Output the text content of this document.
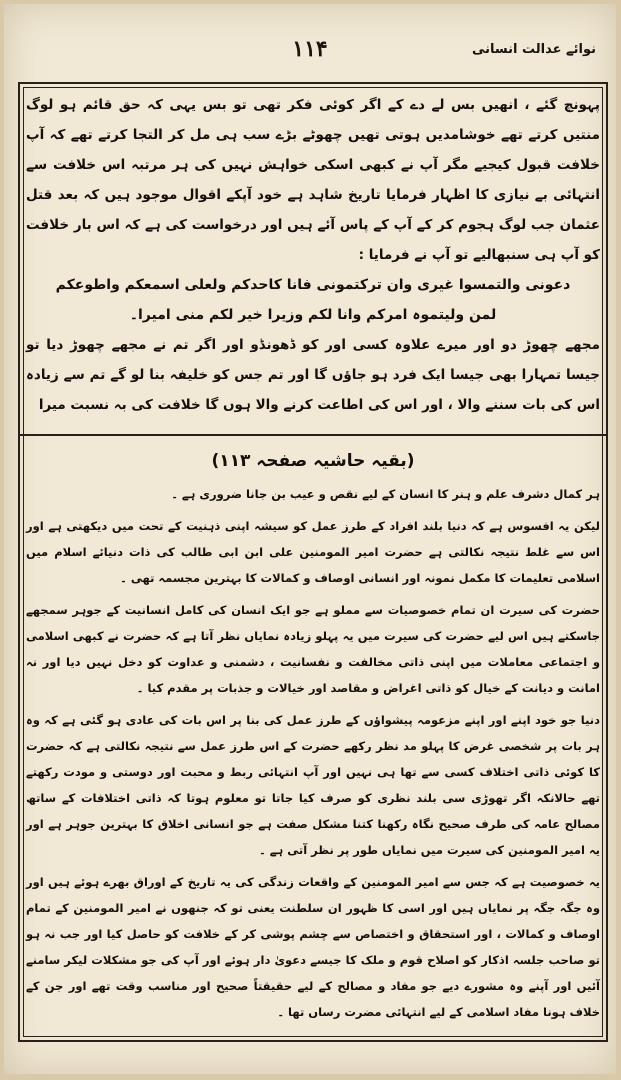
۱۱۴	نوائے عدالت انسانی

پہونچ گئے ، انھیں بس لے دے کے اگر کوئی فکر تھی تو بس یہی کہ حق قائم ہو لوگ منتیں کرتے تھے خوشامدیں ہوتی تھیں چھوٹے بڑے سب ہی مل کر التجا کرتے تھے کہ آپ خلافت قبول کیجیے مگر آپ نے کبھی اسکی خواہش نہیں کی ہر مرتبہ اس خلافت سے انتہائی بے نیازی کا اظہار فرمایا تاریخ شاہد ہے خود آپکے اقوال موجود ہیں کہ بعد قتل عثمان جب لوگ ہجوم کر کے آپ کے پاس آئے ہیں اور درخواست کی ہے کہ اس بار خلافت کو آپ ہی سنبھالیے تو آپ نے فرمایا :

دعونی والتمسوا غیری وان ترکتمونی فانا کاحدکم ولعلی اسمعکم واطوعکم

لمن ولیتموہ امرکم وانا لکم وزیرا خیر لکم منی امیرا۔

مجھے چھوڑ دو اور میرے علاوہ کسی اور کو ڈھونڈو اور اگر تم نے مجھے چھوڑ دیا تو جیسا تمہارا بھی جیسا ایک فرد ہو جاؤں گا اور تم جس کو خلیفہ بنا لو گے تم سے زیادہ اس کی بات سننے والا ، اور اس کی اطاعت کرنے والا ہوں گا خلافت کی بہ نسبت میرا

(بقیہ حاشیہ صفحہ ۱۱۳)

ہر کمال دشرف علم و ہنر کا انسان کے لیے نقص و عیب بن جانا ضروری ہے ۔

لیکن یہ افسوس ہے کہ دنیا بلند افراد کے طرز عمل کو سیشہ اپنی ذہنیت کے تحت میں دیکھتی ہے اور اس سے غلط نتیجہ نکالتی ہے حضرت امیر المومنین علی ابن ابی طالب کی ذات دنیائے اسلام میں اسلامی تعلیمات کا مکمل نمونہ اور انسانی اوصاف و کمالات کا بہترین مجسمہ تھی ۔

حضرت کی سیرت ان تمام خصوصیات سے مملو ہے جو ایک انسان کی کامل انسانیت کے جوہر سمجھے جاسکتے ہیں اس لیے حضرت کی سیرت میں یہ پہلو زیادہ نمایاں نظر آتا ہے کہ حضرت نے کبھی اسلامی و اجتماعی معاملات میں اپنی ذاتی مخالفت و نفسانیت ، دشمنی و عداوت کو دخل نہیں دیا اور نہ امانت و دیانت کے خیال کو ذاتی اغراض و مقاصد اور خیالات و جذبات پر مقدم کیا ۔

دنیا جو خود اپنے اور اپنے مزعومہ پیشواؤں کے طرز عمل کی بنا پر اس بات کی عادی ہو گئی ہے کہ وہ ہر بات پر شخصی غرض کا پہلو مد نظر رکھے حضرت کے اس طرز عمل سے نتیجہ نکالتی ہے کہ حضرت کا کوئی ذاتی اختلاف کسی سے تھا ہی نہیں اور آپ انتہائی ربط و محبت اور دوستی و مودت رکھتے تھے حالانکہ اگر تھوڑی سی بلند نظری کو صرف کیا جاتا تو معلوم ہوتا کہ ذاتی اختلافات کے ساتھ مصالح عامہ کی طرف صحیح نگاہ رکھنا کتنا مشکل صفت ہے جو انسانی اخلاق کا بہترین جوہر ہے اور یہ امیر المومنین کی سیرت میں نمایاں طور پر نظر آتی ہے ۔

یہ خصوصیت ہے کہ جس سے امیر المومنین کے واقعات زندگی کی یہ تاریخ کے اوراق بھرے ہوئے ہیں اور وہ جگہ جگہ پر نمایاں ہیں اور اسی کا ظہور ان سلطنت یعنی تو کہ جنھوں نے امیر المومنین کے تمام اوصاف و کمالات ، اور استحقاق و اختصاص سے چشم پوشی کر کے خلافت کو حاصل کیا اور جب نہ ہو تو صاحب جلسہ اذکار کو اصلاح قوم و ملک کا جیسے دعویٰ دار ہوئے اور آپ کی جو مشکلات لیکر سامنے آئیں اور آپنے وہ مشورے دیے جو مفاد و مصالح کے لیے حقیقتاً صحیح اور مناسب وقت تھے اور جن کے خلاف ہونا مفاد اسلامی کے لیے انتہائی مضرت رساں تھا ۔
